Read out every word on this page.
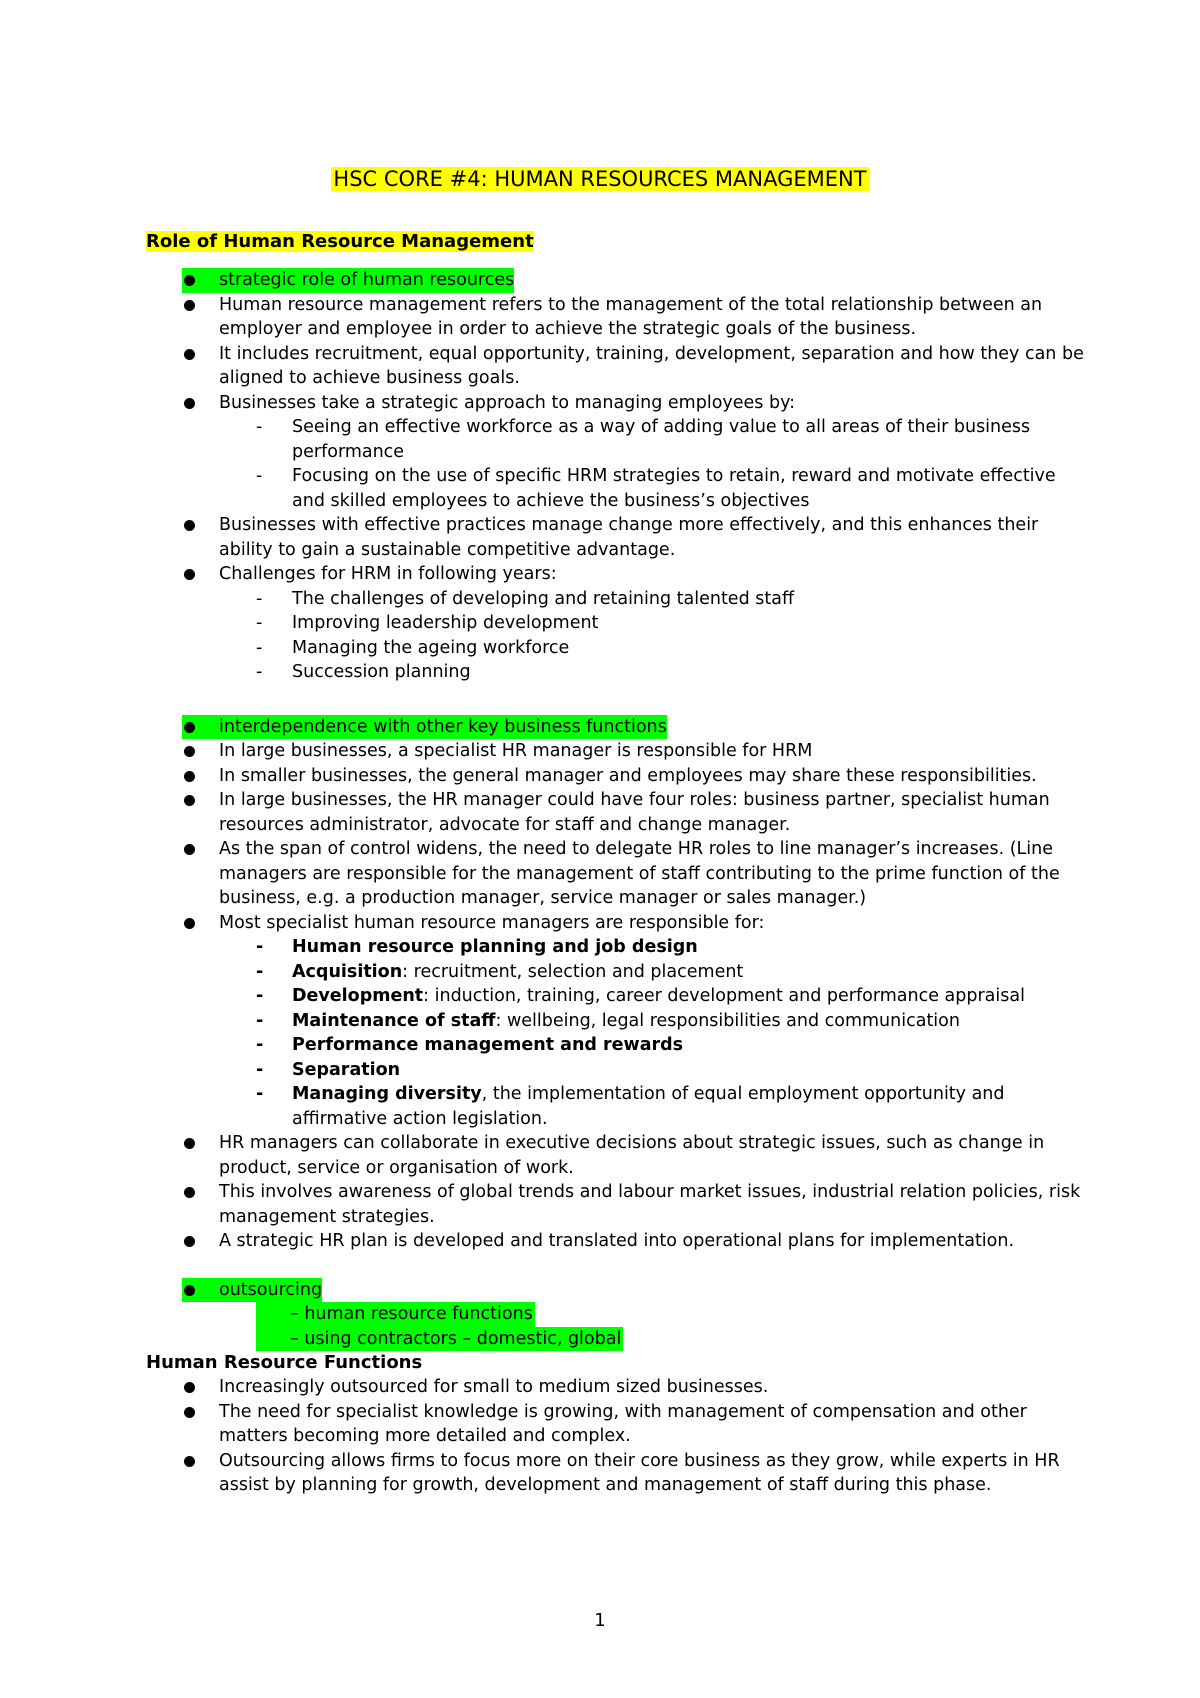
HSC CORE #4: HUMAN RESOURCES MANAGEMENT
Role of Human Resource Management
strategic role of human resources
Human resource management refers to the management of the total relationship between an employer and employee in order to achieve the strategic goals of the business.
It includes recruitment, equal opportunity, training, development, separation and how they can be aligned to achieve business goals.
Businesses take a strategic approach to managing employees by:
- Seeing an effective workforce as a way of adding value to all areas of their business performance
- Focusing on the use of specific HRM strategies to retain, reward and motivate effective and skilled employees to achieve the business’s objectives
Businesses with effective practices manage change more effectively, and this enhances their ability to gain a sustainable competitive advantage.
Challenges for HRM in following years:
- The challenges of developing and retaining talented staff
- Improving leadership development
- Managing the ageing workforce
- Succession planning
interdependence with other key business functions
In large businesses, a specialist HR manager is responsible for HRM
In smaller businesses, the general manager and employees may share these responsibilities.
In large businesses, the HR manager could have four roles: business partner, specialist human resources administrator, advocate for staff and change manager.
As the span of control widens, the need to delegate HR roles to line manager’s increases. (Line managers are responsible for the management of staff contributing to the prime function of the business, e.g. a production manager, service manager or sales manager.)
Most specialist human resource managers are responsible for:
- Human resource planning and job design
- Acquisition: recruitment, selection and placement
- Development: induction, training, career development and performance appraisal
- Maintenance of staff: wellbeing, legal responsibilities and communication
- Performance management and rewards
- Separation
- Managing diversity, the implementation of equal employment opportunity and affirmative action legislation.
HR managers can collaborate in executive decisions about strategic issues, such as change in product, service or organisation of work.
This involves awareness of global trends and labour market issues, industrial relation policies, risk management strategies.
A strategic HR plan is developed and translated into operational plans for implementation.
outsourcing
– human resource functions
– using contractors – domestic, global
Human Resource Functions
Increasingly outsourced for small to medium sized businesses.
The need for specialist knowledge is growing, with management of compensation and other matters becoming more detailed and complex.
Outsourcing allows firms to focus more on their core business as they grow, while experts in HR assist by planning for growth, development and management of staff during this phase.
1
